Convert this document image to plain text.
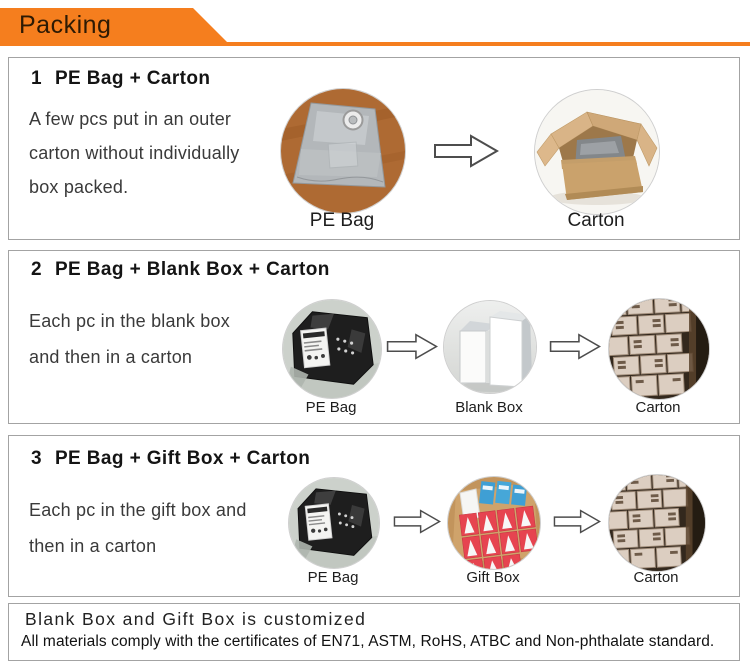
Packing
1 PE Bag + Carton
A few pcs put in an outer carton without individually box packed.
PE Bag	Carton
2 PE Bag + Blank Box + Carton
Each pc in the blank box and then in a carton
PE Bag	Blank Box	Carton
3 PE Bag + Gift Box + Carton
Each pc in the gift box and then in a carton
PE Bag	Gift Box	Carton
Blank Box and Gift Box is customized
All materials comply with the certificates of EN71, ASTM, RoHS, ATBC and Non-phthalate standard.
